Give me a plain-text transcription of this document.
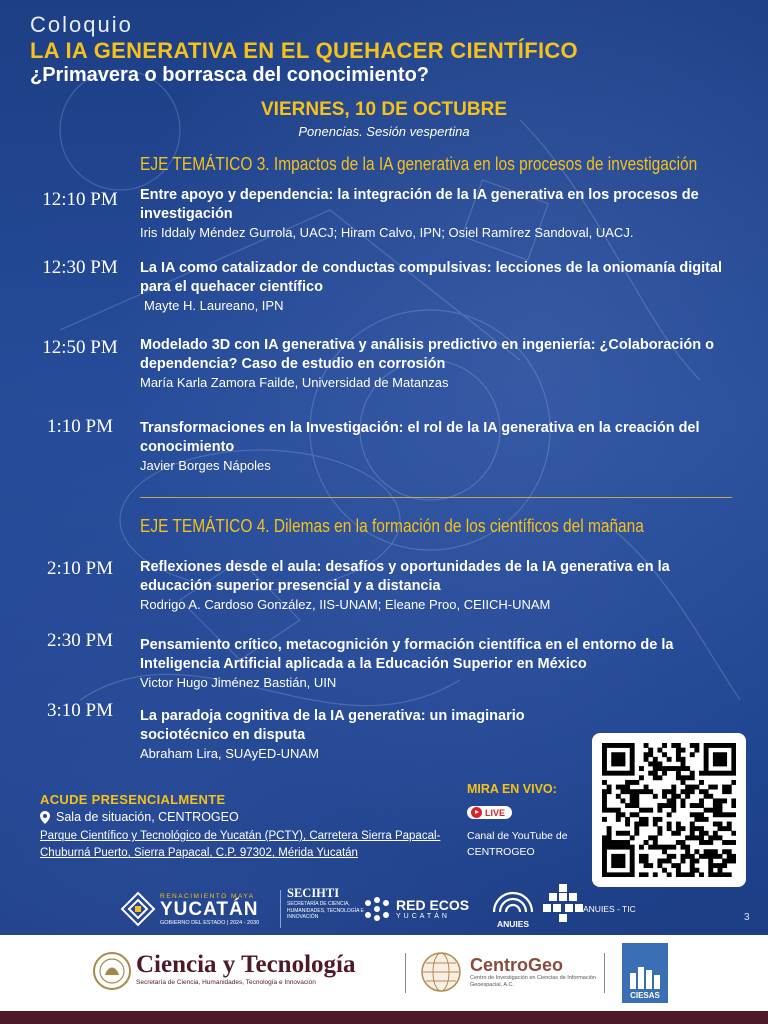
Coloquio
LA IA GENERATIVA EN EL QUEHACER CIENTÍFICO
¿Primavera o borrasca del conocimiento?
VIERNES, 10 DE OCTUBRE
Ponencias. Sesión vespertina
EJE TEMÁTICO 3. Impactos de la IA generativa en los procesos de investigación
12:10 PM	Entre apoyo y dependencia: la integración de la IA generativa en los procesos de investigación
Iris Iddaly Méndez Gurrola, UACJ; Hiram Calvo, IPN; Osiel Ramírez Sandoval, UACJ.
12:30 PM	La IA como catalizador de conductas compulsivas: lecciones de la oniomanía digital para el quehacer científico
Mayte H. Laureano, IPN
12:50 PM	Modelado 3D con IA generativa y análisis predictivo en ingeniería: ¿Colaboración o dependencia? Caso de estudio en corrosión
María Karla Zamora Failde, Universidad de Matanzas
1:10 PM	Transformaciones en la Investigación: el rol de la IA generativa en la creación del conocimiento
Javier Borges Nápoles
EJE TEMÁTICO 4. Dilemas en la formación de los científicos del mañana
2:10 PM	Reflexiones desde el aula: desafíos y oportunidades de la IA generativa en la educación superior presencial y a distancia
Rodrigo A. Cardoso González, IIS-UNAM; Eleane Proo, CEIICH-UNAM
2:30 PM	Pensamiento crítico, metacognición y formación científica en el entorno de la Inteligencia Artificial aplicada a la Educación Superior en México
Victor Hugo Jiménez Bastián, UIN
3:10 PM	La paradoja cognitiva de la IA generativa: un imaginario sociotécnico en disputa
Abraham Lira, SUAyED-UNAM
ACUDE PRESENCIALMENTE
Sala de situación, CENTROGEO
Parque Científico y Tecnológico de Yucatán (PCTY), Carretera Sierra Papacal-Chuburná Puerto, Sierra Papacal, C.P. 97302, Mérida Yucatán
MIRA EN VIVO:
LIVE
Canal de YouTube de CENTROGEO
RENACIMIENTO MAYA
YUCATÁN
GOBIERNO DEL ESTADO | 2024 - 2030
SECIHTI
SECRETARÍA DE CIENCIA, HUMANIDADES, TECNOLOGÍA E INNOVACIÓN
RED ECOS
YUCATÁN
ANUIES
ANUIES - TIC
3
Ciencia y Tecnología
Secretaría de Ciencia, Humanidades, Tecnología e Innovación
CentroGeo
Centro de Investigación en Ciencias de Información Geoespacial, A.C.
CIESAS
